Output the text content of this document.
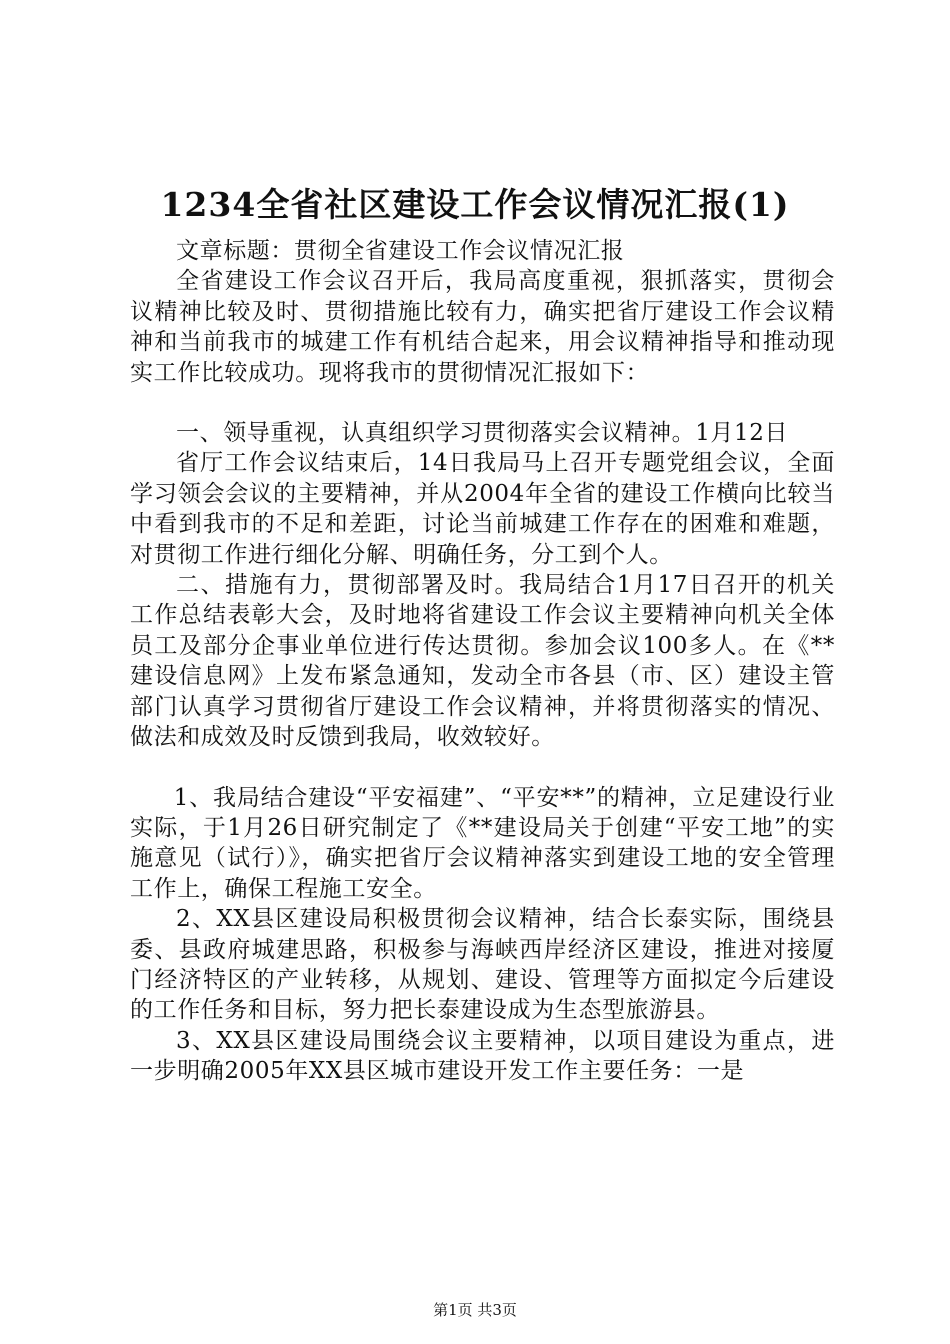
1234全省社区建设工作会议情况汇报(1)

文章标题：贯彻全省建设工作会议情况汇报

全省建设工作会议召开后，我局高度重视，狠抓落实，贯彻会议精神比较及时、贯彻措施比较有力，确实把省厅建设工作会议精神和当前我市的城建工作有机结合起来，用会议精神指导和推动现实工作比较成功。现将我市的贯彻情况汇报如下：

一、领导重视，认真组织学习贯彻落实会议精神。1月12日

省厅工作会议结束后，14日我局马上召开专题党组会议，全面学习领会会议的主要精神，并从2004年全省的建设工作横向比较当中看到我市的不足和差距，讨论当前城建工作存在的困难和难题，对贯彻工作进行细化分解、明确任务，分工到个人。

二、措施有力，贯彻部署及时。我局结合1月17日召开的机关工作总结表彰大会，及时地将省建设工作会议主要精神向机关全体员工及部分企事业单位进行传达贯彻。参加会议100多人。在《**建设信息网》上发布紧急通知，发动全市各县（市、区）建设主管部门认真学习贯彻省厅建设工作会议精神，并将贯彻落实的情况、做法和成效及时反馈到我局，收效较好。

1、我局结合建设“平安福建”、“平安**”的精神，立足建设行业实际，于1月26日研究制定了《**建设局关于创建“平安工地”的实施意见（试行）》，确实把省厅会议精神落实到建设工地的安全管理工作上，确保工程施工安全。

2、XX县区建设局积极贯彻会议精神，结合长泰实际，围绕县委、县政府城建思路，积极参与海峡西岸经济区建设，推进对接厦门经济特区的产业转移，从规划、建设、管理等方面拟定今后建设的工作任务和目标，努力把长泰建设成为生态型旅游县。

3、XX县区建设局围绕会议主要精神，以项目建设为重点，进一步明确2005年XX县区城市建设开发工作主要任务：一是

第1页 共3页
